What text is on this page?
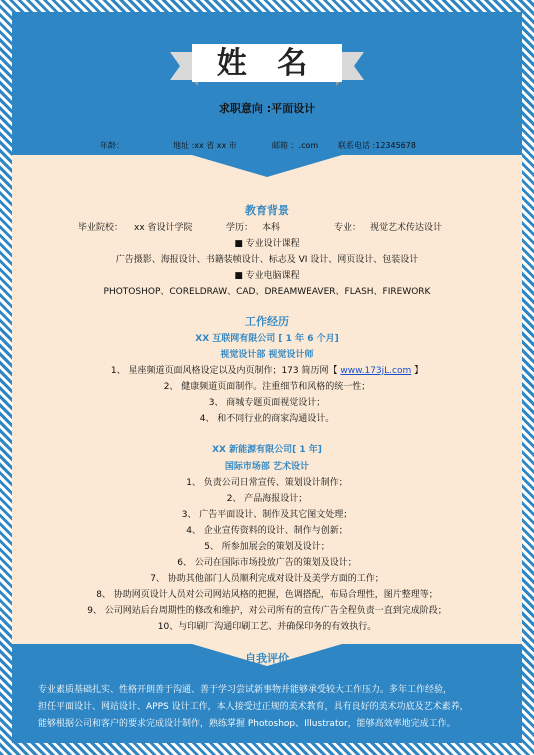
姓 名
求职意向 :平面设计
年龄：	地址 :xx 省 xx 市	邮箱 ：.com 联系电话 :12345678
教育背景
毕业院校： xx 省设计学院	学历： 本科	专业： 视觉艺术传达设计
■ 专业设计课程
广告摄影、海报设计、书籍装帧设计、标志及 VI 设计、网页设计、包装设计
■ 专业电脑课程
PHOTOSHOP、CORELDRAW、CAD、DREAMWEAVER、FLASH、FIREWORK
工作经历
XX 互联网有限公司 [ 1 年 6 个月]
视觉设计部 视觉设计师
1、 星座频道页面风格设定以及内页制作；173 简历网【 www.173jL.com 】
2、 健康频道页面制作。注重细节和风格的统一性；
3、 商城专题页面视觉设计；
4、 和不同行业的商家沟通设计。
XX 新能源有限公司[ 1 年]
国际市场部 艺术设计
1、 负责公司日常宣传、策划设计制作；
2、 产品海报设计；
3、 广告平面设计、制作及其它图文处理；
4、 企业宣传资料的设计、制作与创新；
5、 所参加展会的策划及设计；
6、 公司在国际市场投放广告的策划及设计；
7、 协助其他部门人员顺利完成对设计及美学方面的工作；
8、 协助网页设计人员对公司网站风格的把握，色调搭配，布局合理性，图片整理等；
9、 公司网站后台周期性的修改和维护，对公司所有的宣传广告全程负责一直到完成阶段；
10、与印刷厂沟通印刷工艺、并确保印务的有效执行。
自我评价
专业素质基础扎实、性格开朗善于沟通、善于学习尝试新事物并能够承受较大工作压力。多年工作经验，
担任平面设计、网站设计、APPS 设计工作，本人接受过正规的美术教育，具有良好的美术功底及艺术素养，
能够根据公司和客户的要求完成设计制作，熟练掌握 Photoshop、Illustrator，能够高效率地完成工作。
